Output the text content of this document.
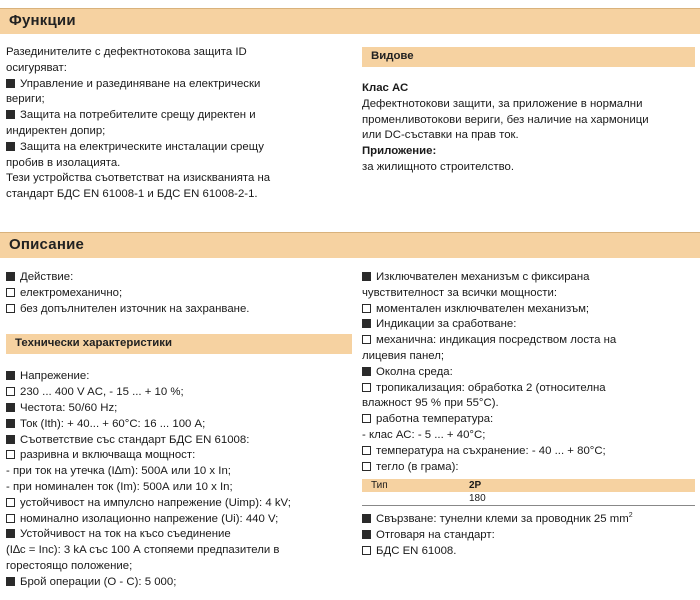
Функции
Разединителите с дефектнотокова защита ID
осигуряват:
Управление и разединяване на електрически
вериги;
Защита на потребителите срещу директен и
индиректен допир;
Защита на електрическите инсталации срещу
пробив в изолацията.
Тези устройства съответстват на изискванията на
стандарт БДС EN 61008-1 и БДС EN 61008-2-1.
Видове
Клас АС
Дефектнотокови защити, за приложение в нормални
променливотокови вериги, без наличие на хармоници
или DC-съставки на прав ток.
Приложение:
за жилищното строителство.
Описание
Действие:
електромеханично;
без допълнителен източник на захранване.
Технически характеристики
Напрежение:
230 ... 400 V AC, - 15 ... + 10 %;
Честота: 50/60 Hz;
Ток (Ith): + 40... + 60°С: 16 ... 100 А;
Съответствие със стандарт БДС EN 61008:
разривна и включваща мощност:
- при ток на утечка (I∆m): 500А или 10 x In;
- при номинален ток (Im): 500А или 10 x In;
устойчивост на импулсно напрежение (Uimp): 4 kV;
номинално изолационно напрежение (Ui): 440 V;
Устойчивост на ток на късо съединение
(I∆c = Inc): 3 kA със 100 А стопяеми предпазители в
горестоящо положение;
Брой операции (О - С): 5 000;
Изключвателен механизъм с фиксирана
чувствителност за всички мощности:
моментален изключвателен механизъм;
Индикации за сработване:
механична: индикация посредством лоста на
лицевия панел;
Околна среда:
тропикализация: обработка 2 (относителна
влажност 95 % при 55°С).
работна температура:
- клас АС: - 5 ... + 40°С;
температура на съхранение: - 40 ... + 80°С;
тегло (в грама):
Тип	2P
	180
Свързване: тунелни клеми за проводник 25 $mm^2$
Отговаря на стандарт:
БДС EN 61008.
